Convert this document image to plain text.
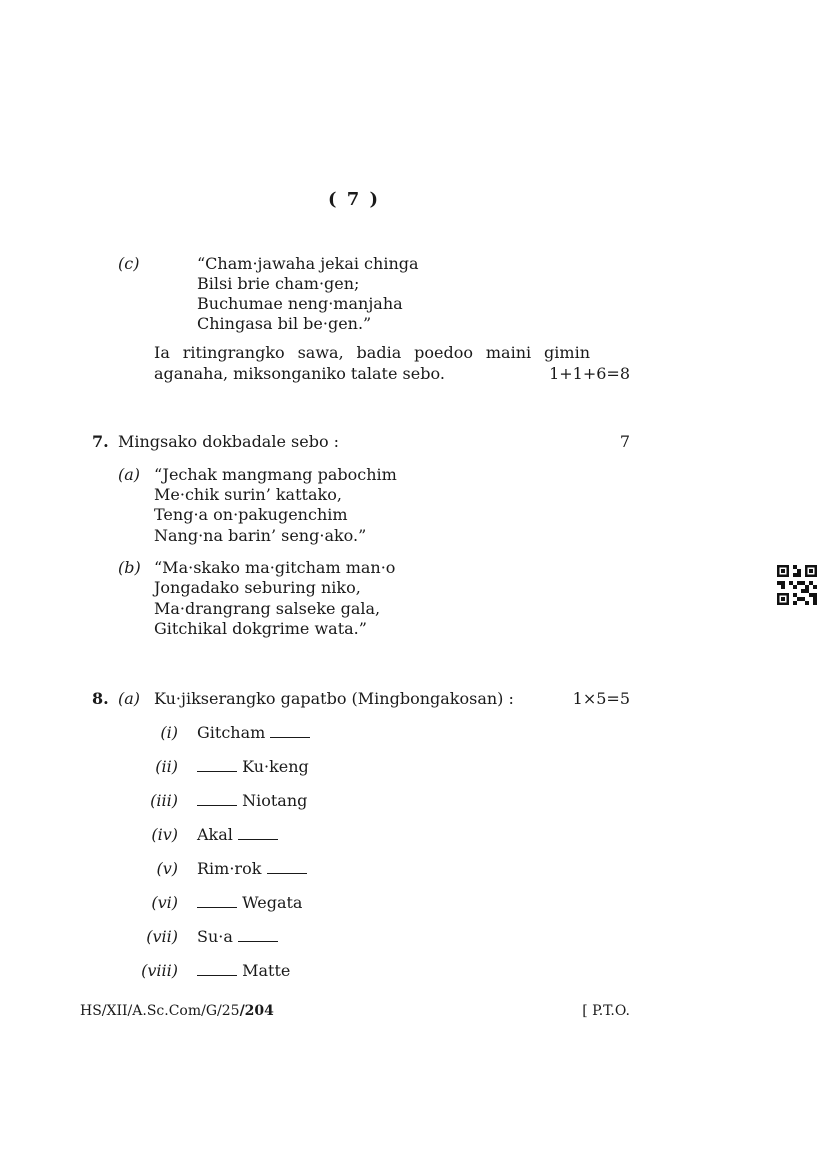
( 7 )
(c)	“Cham·jawaha jekai chinga
Bilsi brie cham·gen;
Buchumae neng·manjaha
Chingasa bil be·gen.”
Ia ritingrangko sawa, badia poedoo maini gimin
aganaha, miksonganiko talate sebo.	1+1+6=8
7. Mingsako dokbadale sebo :	7
(a) “Jechak mangmang pabochim
Me·chik surin’ kattako,
Teng·a on·pakugenchim
Nang·na barin’ seng·ako.”
(b) “Ma·skako ma·gitcham man·o
Jongadako seburing niko,
Ma·drangrang salseke gala,
Gitchikal dokgrime wata.”
8. (a) Ku·jikserangko gapatbo (Mingbongakosan) :	1×5=5
(i) Gitcham
(ii)	Ku·keng
(iii)	Niotang
(iv) Akal
(v) Rim·rok
(vi)	Wegata
(vii) Su·a
(viii)	Matte
HS/XII/A.Sc.Com/G/25/204	[ P.T.O.
